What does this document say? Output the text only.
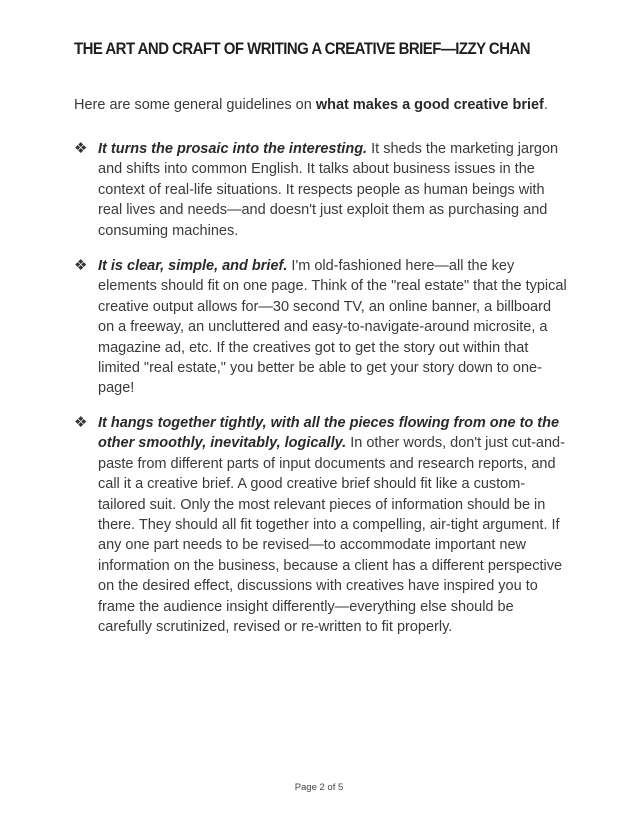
THE ART AND CRAFT OF WRITING A CREATIVE BRIEF—IZZY CHAN
Here are some general guidelines on what makes a good creative brief.
❖ It turns the prosaic into the interesting. It sheds the marketing jargon and shifts into common English. It talks about business issues in the context of real-life situations. It respects people as human beings with real lives and needs—and doesn't just exploit them as purchasing and consuming machines.
❖ It is clear, simple, and brief. I'm old-fashioned here—all the key elements should fit on one page. Think of the "real estate" that the typical creative output allows for—30 second TV, an online banner, a billboard on a freeway, an uncluttered and easy-to-navigate-around microsite, a magazine ad, etc. If the creatives got to get the story out within that limited "real estate," you better be able to get your story down to one-page!
❖ It hangs together tightly, with all the pieces flowing from one to the other smoothly, inevitably, logically. In other words, don't just cut-and-paste from different parts of input documents and research reports, and call it a creative brief. A good creative brief should fit like a custom-tailored suit. Only the most relevant pieces of information should be in there. They should all fit together into a compelling, air-tight argument. If any one part needs to be revised—to accommodate important new information on the business, because a client has a different perspective on the desired effect, discussions with creatives have inspired you to frame the audience insight differently—everything else should be carefully scrutinized, revised or re-written to fit properly.
Page 2 of 5
